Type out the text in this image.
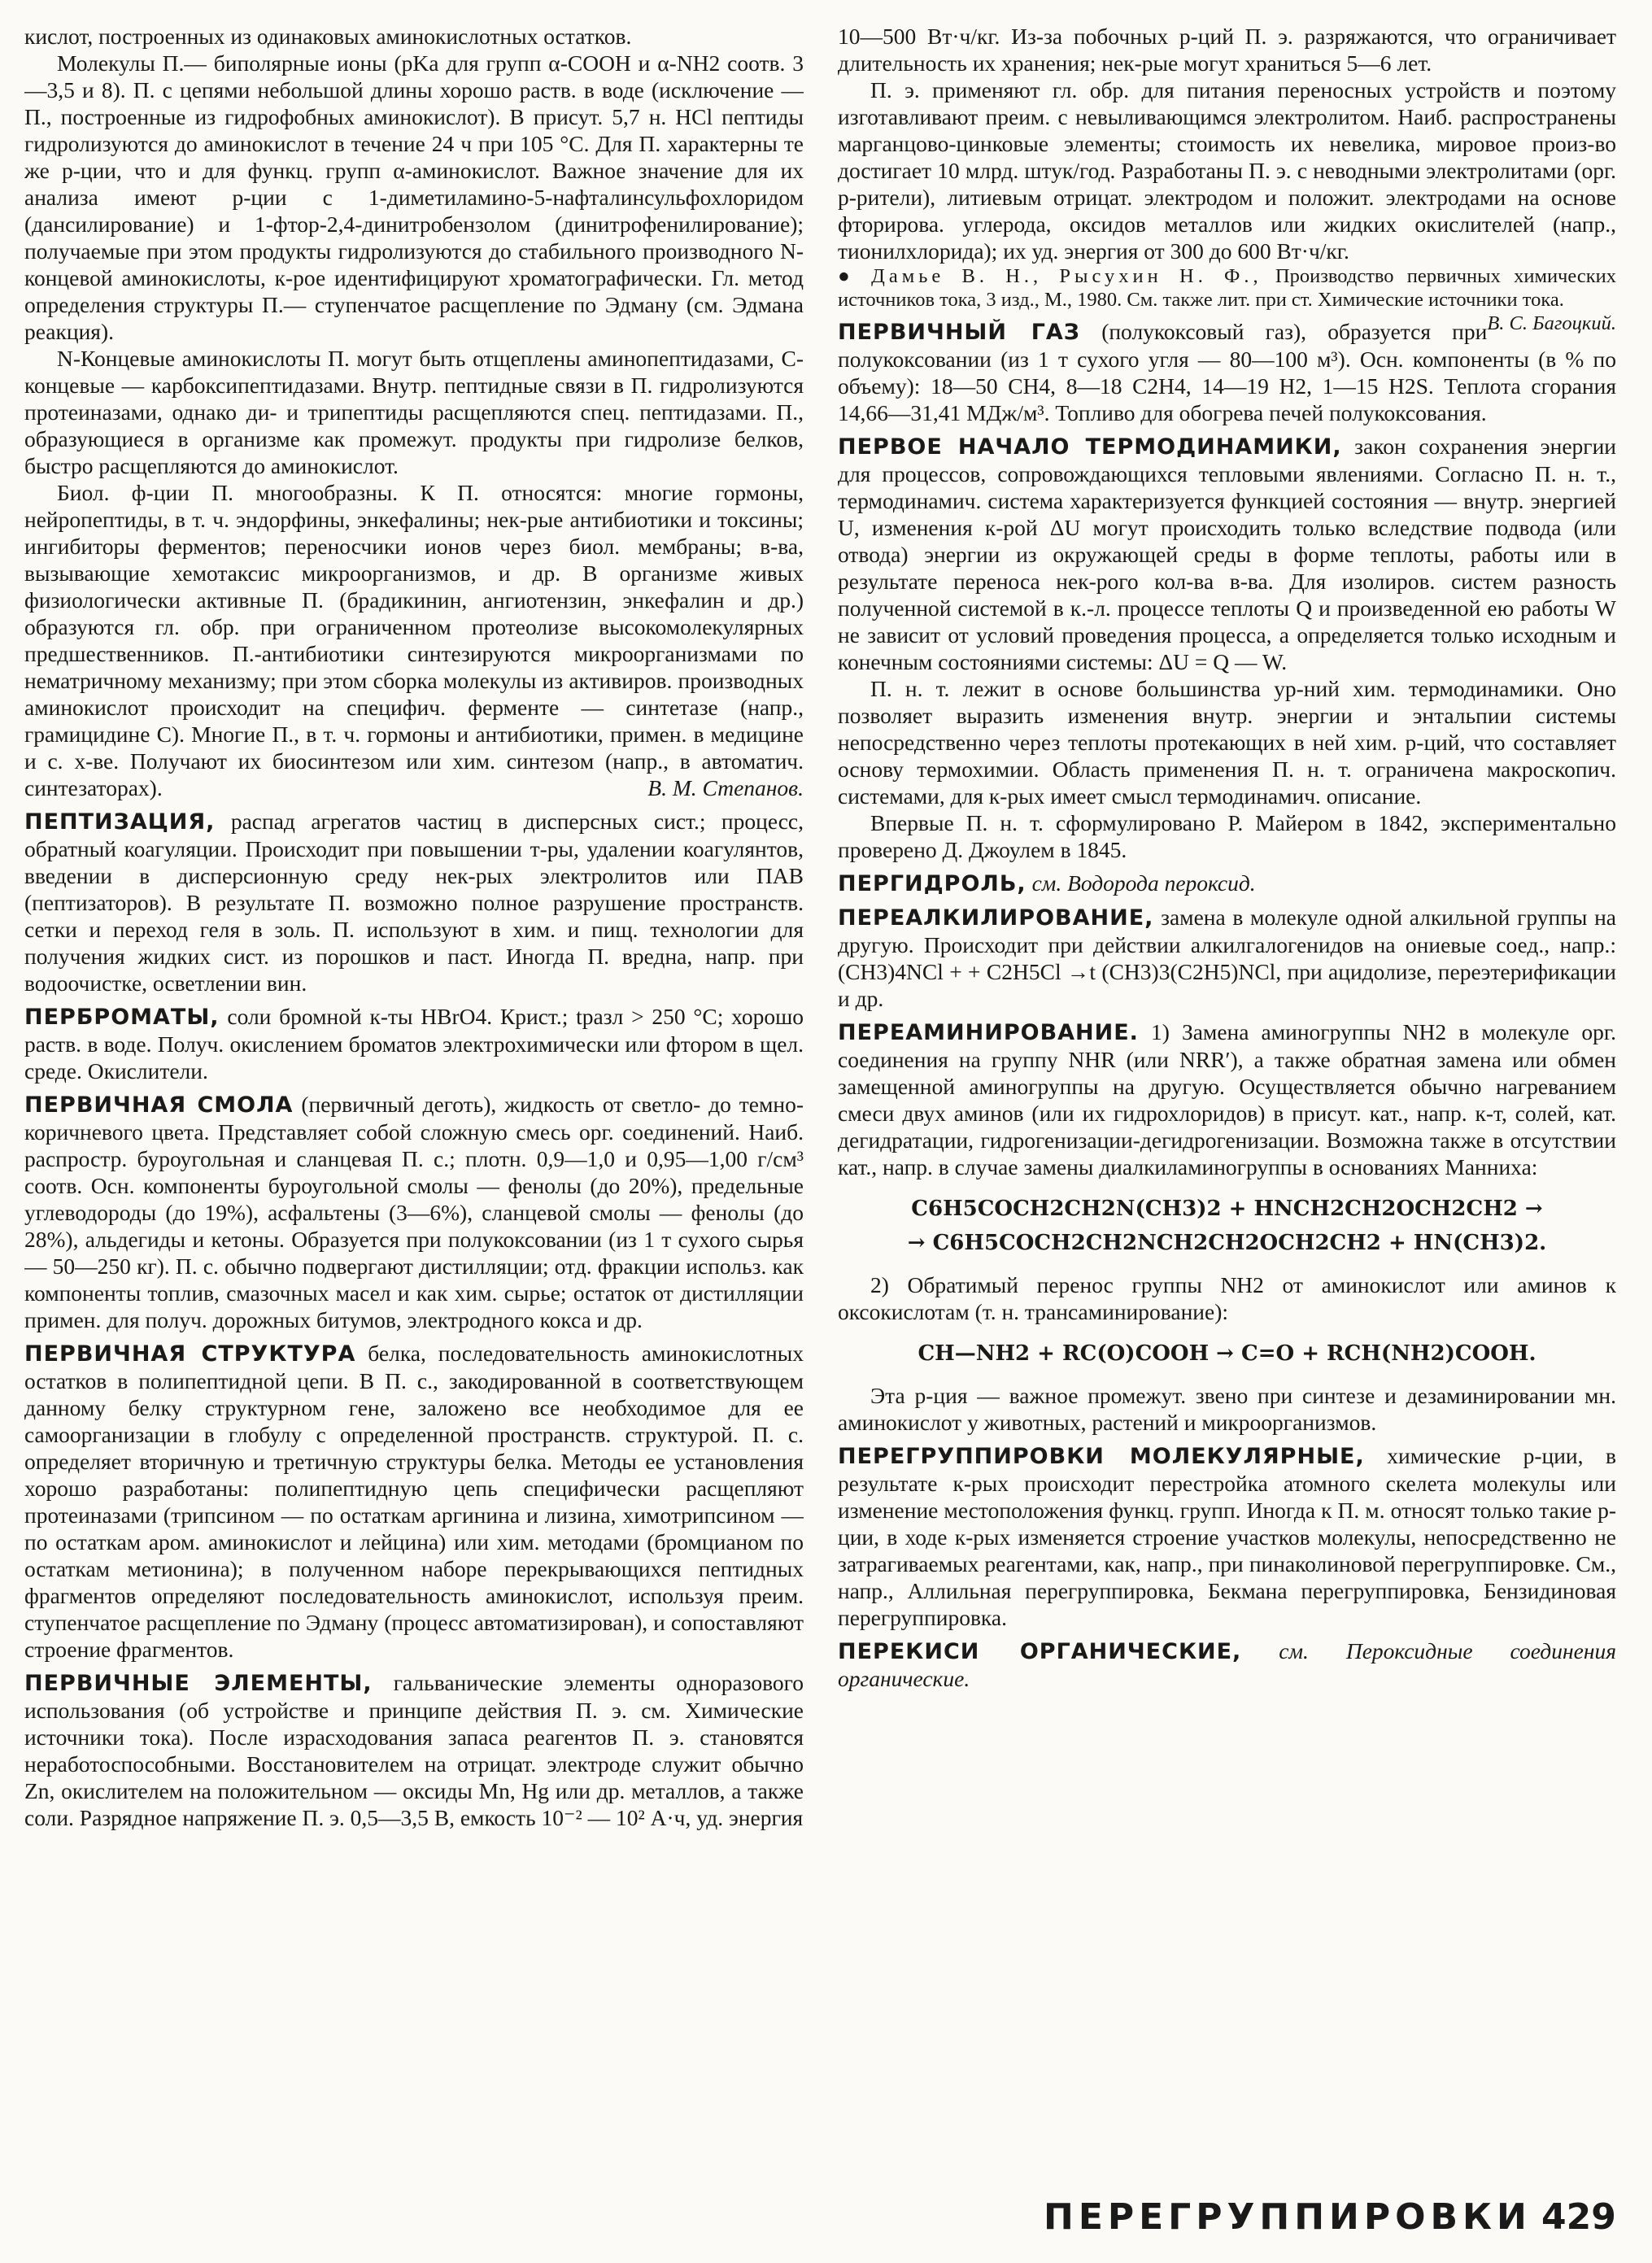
кислот, построенных из одинаковых аминокислотных остатков.

Молекулы П.— биполярные ионы (pKa для групп α-COOH и α-NH2 соотв. 3—3,5 и 8). П. с цепями небольшой длины хорошо раств. в воде (исключение — П., построенные из гидрофобных аминокислот). В присут. 5,7 н. HCl пептиды гидролизуются до аминокислот в течение 24 ч при 105 °С. Для П. характерны те же р-ции, что и для функц. групп α-аминокислот. Важное значение для их анализа имеют р-ции с 1-диметиламино-5-нафталинсульфохлоридом (дансилирование) и 1-фтор-2,4-динитробензолом (динитрофенилирование); получаемые при этом продукты гидролизуются до стабильного производного N-концевой аминокислоты, к-рое идентифицируют хроматографически. Гл. метод определения структуры П.— ступенчатое расщепление по Эдману (см. Эдмана реакция).

N-Концевые аминокислоты П. могут быть отщеплены аминопептидазами, С-концевые — карбоксипептидазами. Внутр. пептидные связи в П. гидролизуются протеиназами, однако ди- и трипептиды расщепляются спец. пептидазами. П., образующиеся в организме как промежут. продукты при гидролизе белков, быстро расщепляются до аминокислот.

Биол. ф-ции П. многообразны. К П. относятся: многие гормоны, нейропептиды, в т. ч. эндорфины, энкефалины; нек-рые антибиотики и токсины; ингибиторы ферментов; переносчики ионов через биол. мембраны; в-ва, вызывающие хемотаксис микроорганизмов, и др. В организме живых физиологически активные П. (брадикинин, ангиотензин, энкефалин и др.) образуются гл. обр. при ограниченном протеолизе высокомолекулярных предшественников. П.-антибиотики синтезируются микроорганизмами по нематричному механизму; при этом сборка молекулы из активиров. производных аминокислот происходит на специфич. ферменте — синтетазе (напр., грамицидине С). Многие П., в т. ч. гормоны и антибиотики, примен. в медицине и с. х-ве. Получают их биосинтезом или хим. синтезом (напр., в автоматич. синтезаторах).	В. М. Степанов.

ПЕПТИЗАЦИЯ, распад агрегатов частиц в дисперсных сист.; процесс, обратный коагуляции. Происходит при повышении т-ры, удалении коагулянтов, введении в дисперсионную среду нек-рых электролитов или ПАВ (пептизаторов). В результате П. возможно полное разрушение пространств. сетки и переход геля в золь. П. используют в хим. и пищ. технологии для получения жидких сист. из порошков и паст. Иногда П. вредна, напр. при водоочистке, осветлении вин.

ПЕРБРОМАТЫ, соли бромной к-ты HBrO4. Крист.; tразл > 250 °С; хорошо раств. в воде. Получ. окислением броматов электрохимически или фтором в щел. среде. Окислители.

ПЕРВИЧНАЯ СМОЛА (первичный деготь), жидкость от светло- до темно-коричневого цвета. Представляет собой сложную смесь орг. соединений. Наиб. распростр. буроугольная и сланцевая П. с.; плотн. 0,9—1,0 и 0,95—1,00 г/см³ соотв. Осн. компоненты буроугольной смолы — фенолы (до 20%), предельные углеводороды (до 19%), асфальтены (3—6%), сланцевой смолы — фенолы (до 28%), альдегиды и кетоны. Образуется при полукоксовании (из 1 т сухого сырья — 50—250 кг). П. с. обычно подвергают дистилляции; отд. фракции использ. как компоненты топлив, смазочных масел и как хим. сырье; остаток от дистилляции примен. для получ. дорожных битумов, электродного кокса и др.

ПЕРВИЧНАЯ СТРУКТУРА белка, последовательность аминокислотных остатков в полипептидной цепи. В П. с., закодированной в соответствующем данному белку структурном гене, заложено все необходимое для ее самоорганизации в глобулу с определенной пространств. структурой. П. с. определяет вторичную и третичную структуры белка. Методы ее установления хорошо разработаны: полипептидную цепь специфически расщепляют протеиназами (трипсином — по остаткам аргинина и лизина, химотрипсином — по остаткам аром. аминокислот и лейцина) или хим. методами (бромцианом по остаткам метионина); в полученном наборе перекрывающихся пептидных фрагментов определяют последовательность аминокислот, используя преим. ступенчатое расщепление по Эдману (процесс автоматизирован), и сопоставляют строение фрагментов.

ПЕРВИЧНЫЕ ЭЛЕМЕНТЫ, гальванические элементы одноразового использования (об устройстве и принципе действия П. э. см. Химические источники тока). После израсходования запаса реагентов П. э. становятся неработоспособными. Восстановителем на отрицат. электроде служит обычно Zn, окислителем на положительном — оксиды Mn, Hg или др. металлов, а также соли. Разрядное напряжение П. э. 0,5—3,5 В, емкость 10⁻² — 10² А·ч, уд. энергия

10—500 Вт·ч/кг. Из-за побочных р-ций П. э. разряжаются, что ограничивает длительность их хранения; нек-рые могут храниться 5—6 лет.

П. э. применяют гл. обр. для питания переносных устройств и поэтому изготавливают преим. с невыливающимся электролитом. Наиб. распространены марганцово-цинковые элементы; стоимость их невелика, мировое произ-во достигает 10 млрд. штук/год. Разработаны П. э. с неводными электролитами (орг. р-рители), литиевым отрицат. электродом и положит. электродами на основе фторирова. углерода, оксидов металлов или жидких окислителей (напр., тионилхлорида); их уд. энергия от 300 до 600 Вт·ч/кг.

● Дамье В. Н., Рысухин Н. Ф., Производство первичных химических источников тока, 3 изд., М., 1980. См. также лит. при ст. Химические источники тока.
В. С. Багоцкий.

ПЕРВИЧНЫЙ ГАЗ (полукоксовый газ), образуется при полукоксовании (из 1 т сухого угля — 80—100 м³). Осн. компоненты (в % по объему): 18—50 CH4, 8—18 C2H4, 14—19 H2, 1—15 H2S. Теплота сгорания 14,66—31,41 МДж/м³. Топливо для обогрева печей полукоксования.

ПЕРВОЕ НАЧАЛО ТЕРМОДИНАМИКИ, закон сохранения энергии для процессов, сопровождающихся тепловыми явлениями. Согласно П. н. т., термодинамич. система характеризуется функцией состояния — внутр. энергией U, изменения к-рой ΔU могут происходить только вследствие подвода (или отвода) энергии из окружающей среды в форме теплоты, работы или в результате переноса нек-рого кол-ва в-ва. Для изолиров. систем разность полученной системой в к.-л. процессе теплоты Q и произведенной ею работы W не зависит от условий проведения процесса, а определяется только исходным и конечным состояниями системы: ΔU = Q — W.

П. н. т. лежит в основе большинства ур-ний хим. термодинамики. Оно позволяет выразить изменения внутр. энергии и энтальпии системы непосредственно через теплоты протекающих в ней хим. р-ций, что составляет основу термохимии. Область применения П. н. т. ограничена макроскопич. системами, для к-рых имеет смысл термодинамич. описание.

Впервые П. н. т. сформулировано Р. Майером в 1842, экспериментально проверено Д. Джоулем в 1845.

ПЕРГИДРОЛЬ, см. Водорода пероксид.

ПЕРЕАЛКИЛИРОВАНИЕ, замена в молекуле одной алкильной группы на другую. Происходит при действии алкилгалогенидов на ониевые соед., напр.: (CH3)4NCl + + C2H5Cl →t (CH3)3(C2H5)NCl, при ацидолизе, переэтерификации и др.

ПЕРЕАМИНИРОВАНИЕ. 1) Замена аминогруппы NH2 в молекуле орг. соединения на группу NHR (или NRR′), а также обратная замена или обмен замещенной аминогруппы на другую. Осуществляется обычно нагреванием смеси двух аминов (или их гидрохлоридов) в присут. кат., напр. к-т, солей, кат. дегидратации, гидрогенизации-дегидрогенизации. Возможна также в отсутствии кат., напр. в случае замены диалкиламиногруппы в основаниях Манниха:

C6H5COCH2CH2N(CH3)2 + HNCH2CH2OCH2CH2 →
→ C6H5COCH2CH2NCH2CH2OCH2CH2 + HN(CH3)2.

2) Обратимый перенос группы NH2 от аминокислот или аминов к оксокислотам (т. н. трансаминирование):

CH—NH2 + RC(O)COOH → C=O + RCH(NH2)COOH.

Эта р-ция — важное промежут. звено при синтезе и дезаминировании мн. аминокислот у животных, растений и микроорганизмов.

ПЕРЕГРУППИРОВКИ МОЛЕКУЛЯРНЫЕ, химические р-ции, в результате к-рых происходит перестройка атомного скелета молекулы или изменение местоположения функц. групп. Иногда к П. м. относят только такие р-ции, в ходе к-рых изменяется строение участков молекулы, непосредственно не затрагиваемых реагентами, как, напр., при пинаколиновой перегруппировке. См., напр., Аллильная перегруппировка, Бекмана перегруппировка, Бензидиновая перегруппировка.

ПЕРЕКИСИ ОРГАНИЧЕСКИЕ, см. Пероксидные соединения органические.

ПЕРЕГРУППИРОВКИ 429
